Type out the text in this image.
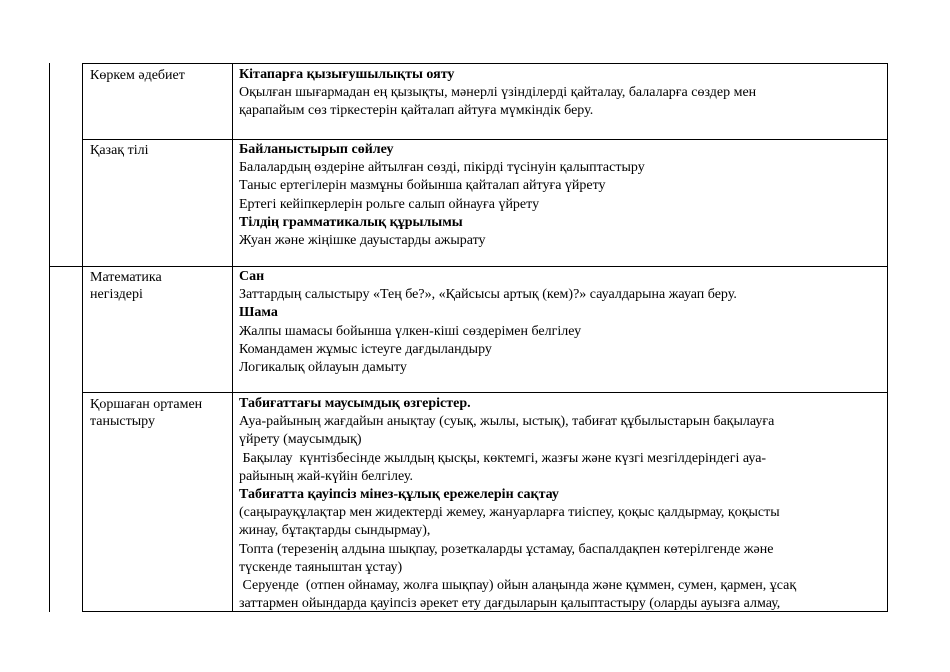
Көркем әдебиет	Кітапарға қызығушылықты ояту
Оқылған шығармадан ең қызықты, мәнерлі үзінділерді қайталау, балаларға сөздер мен
қарапайым сөз тіркестерін қайталап айтуға мүмкіндік беру.
Қазақ тілі	Байланыстырып сөйлеу
Балалардың өздеріне айтылған сөзді, пікірді түсінуін қалыптастыру
Таныс ертегілерін мазмұны бойынша қайталап айтуға үйрету
Ертегі кейіпкерлерін рольге салып ойнауға үйрету
Тілдің грамматикалық құрылымы
Жуан және жіңішке дауыстарды ажырату
Математика негіздері
Сан
Заттардың салыстыру «Тең бе?», «Қайсысы артық (кем)?» сауалдарына жауап беру.
Шама
Жалпы шамасы бойынша үлкен-кіші сөздерімен белгілеу
Командамен жұмыс істеуге дағдыландыру
Логикалық ойлауын дамыту
Қоршаған ортамен таныстыру
Табиғаттағы маусымдық өзгерістер.
Ауа-райының жағдайын анықтау (суық, жылы, ыстық), табиғат құбылыстарын бақылауға
үйрету (маусымдық)
Бақылау  күнтізбесінде жылдың қысқы, көктемгі, жазғы және күзгі мезгілдеріндегі ауа-
райының жай-күйін белгілеу.
Табиғатта қауіпсіз мінез-құлық ережелерін сақтау
(саңырауқұлақтар мен жидектерді жемеу, жануарларға тиіспеу, қоқыс қалдырмау, қоқысты
жинау, бұтақтарды сындырмау),
Топта (терезенің алдына шықпау, розеткаларды ұстамау, баспалдақпен көтерілгенде және
түскенде таяныштан ұстау)
Серуенде  (отпен ойнамау, жолға шықпау) ойын алаңында және құммен, сумен, қармен, ұсақ
заттармен ойындарда қауіпсіз әрекет ету дағдыларын қалыптастыру (оларды ауызға алмау,
